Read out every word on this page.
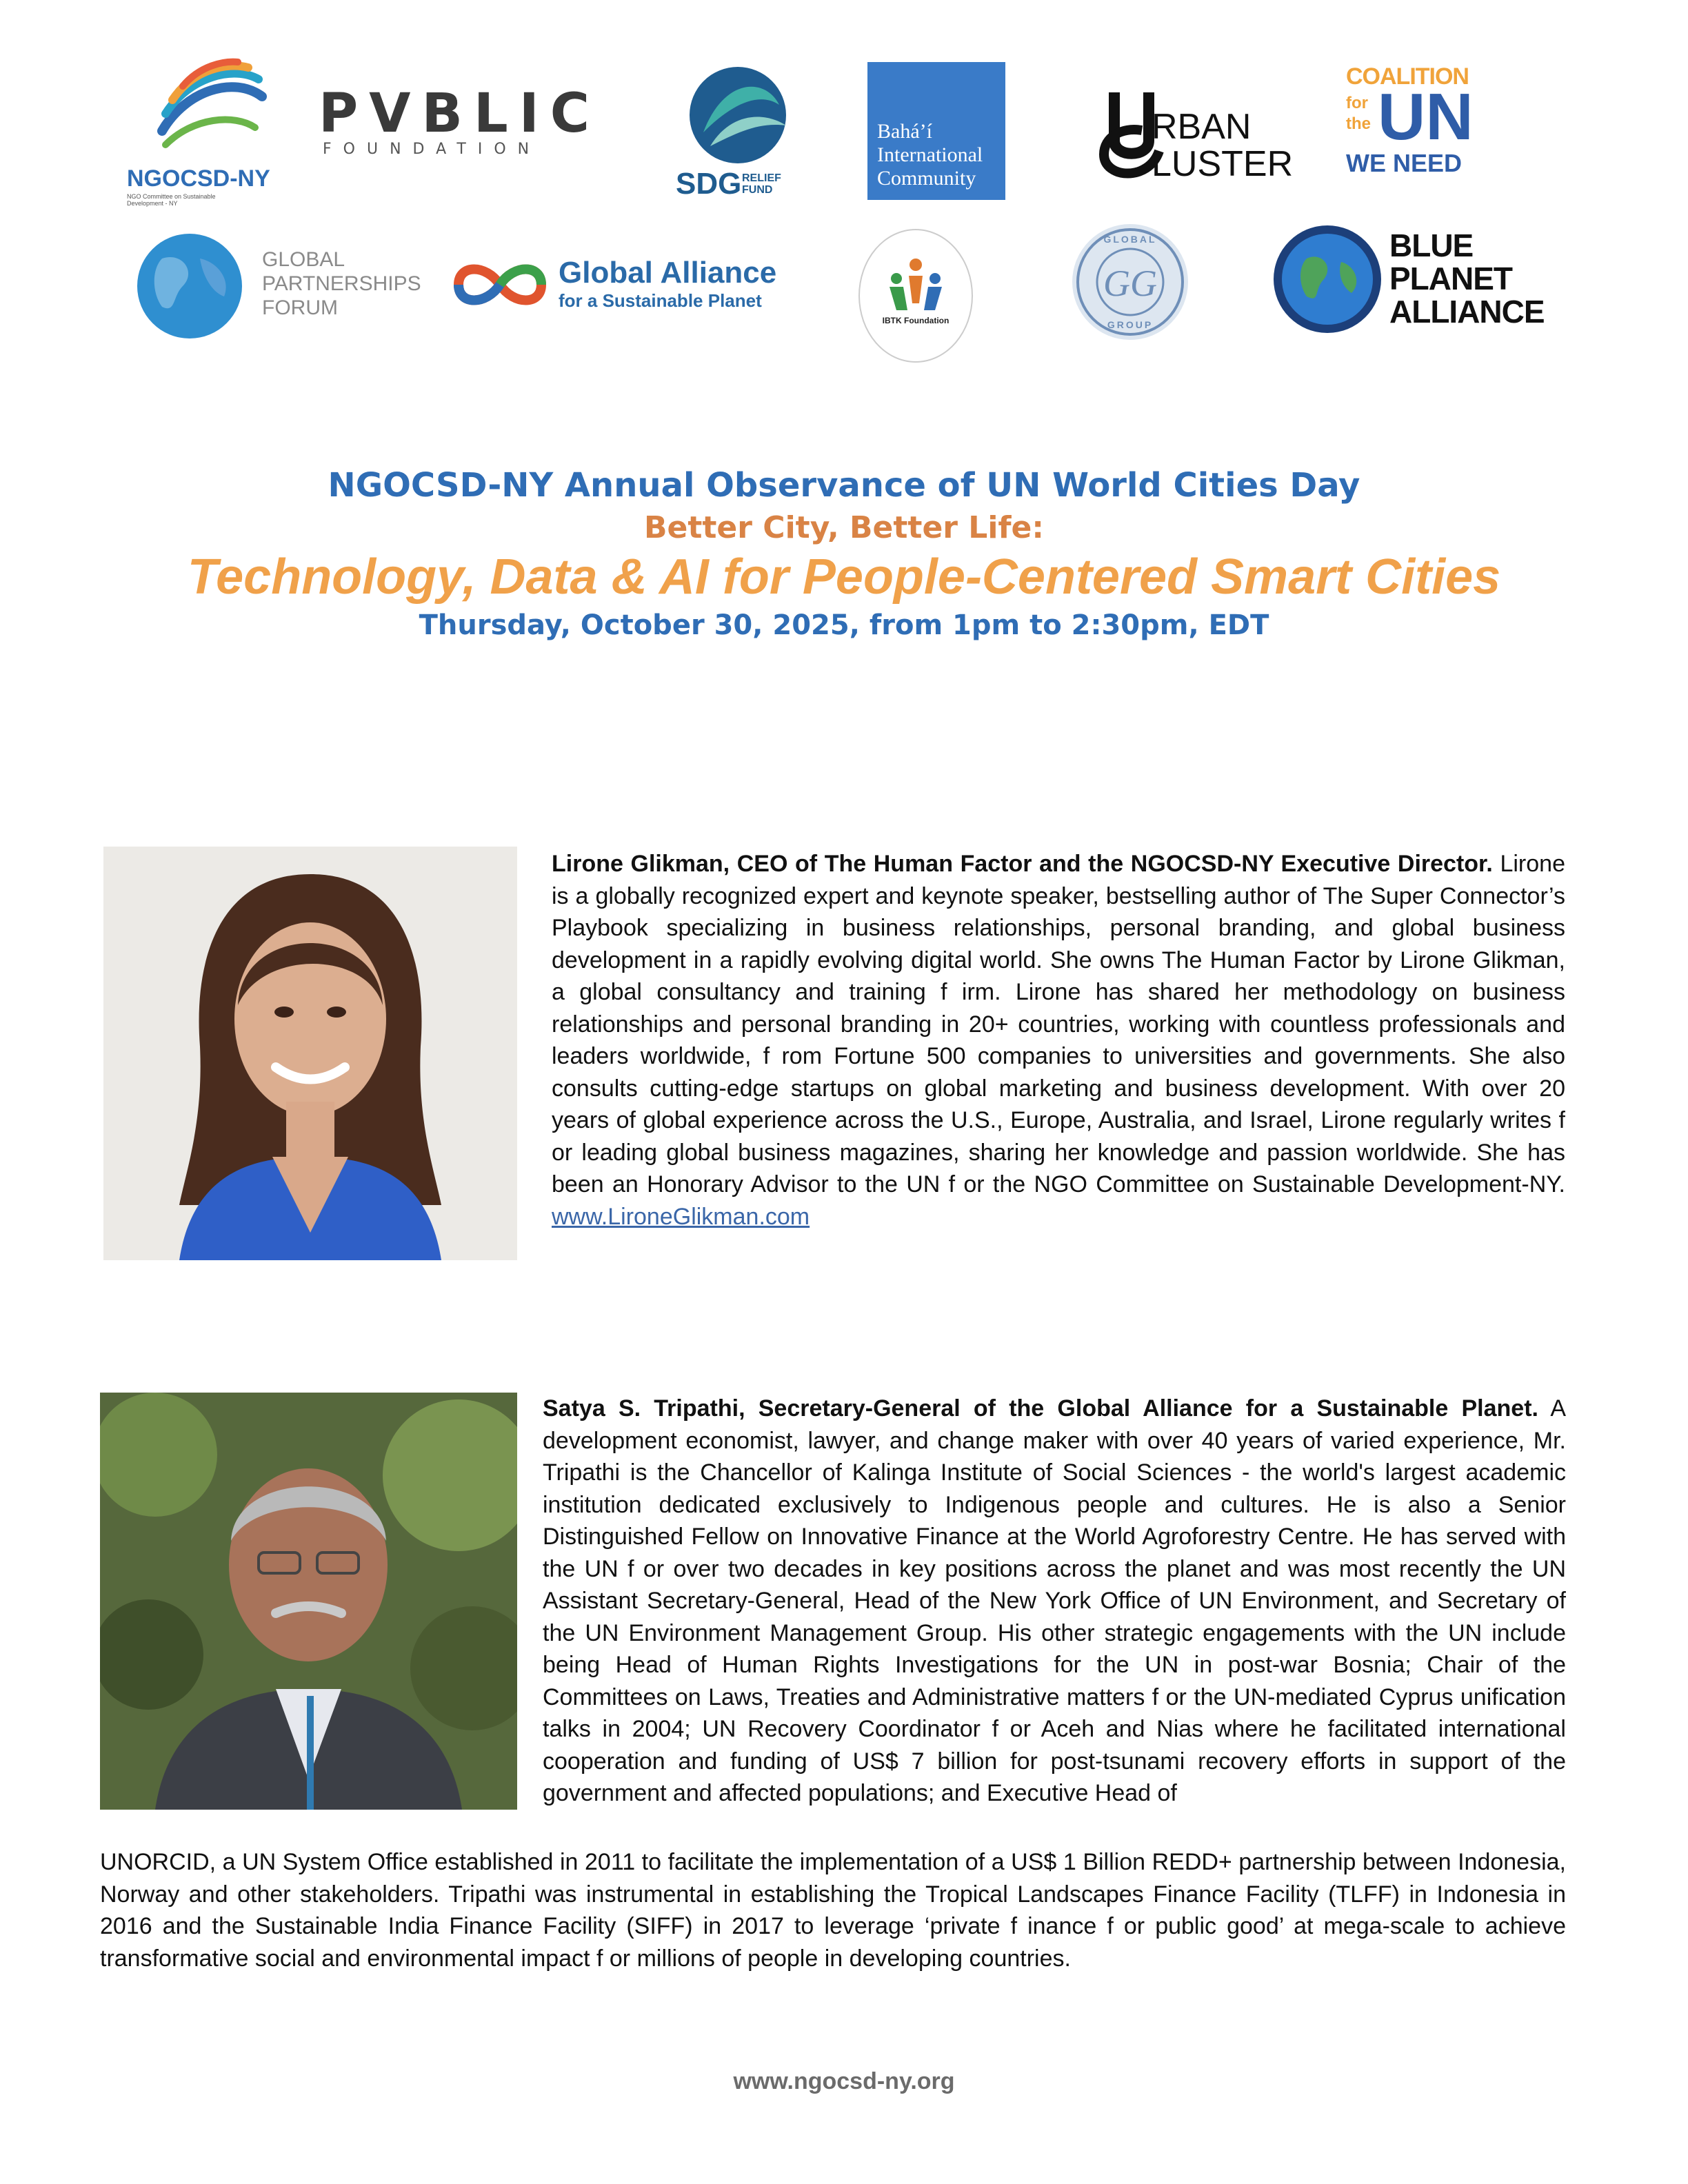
NGOCSD-NY
NGO Committee on Sustainable Development - NY
PVBLIC
FOUNDATION
SDG RELIEF FUND
Bahá’í
International
Community
RBAN
LUSTER
COALITION
for
the UN
WE NEED
GLOBAL
PARTNERSHIPS
FORUM
Global Alliance
for a Sustainable Planet
IBTK Foundation
GG
GLOBAL
GROUP
BLUE
PLANET
ALLIANCE
NGOCSD-NY Annual Observance of UN World Cities Day
Better City, Better Life:
Technology, Data & AI for People-Centered Smart Cities
Thursday, October 30, 2025, from 1pm to 2:30pm, EDT

Lirone Glikman, CEO of The Human Factor and the NGOCSD-NY Executive Director. Lirone is a globally recognized expert and keynote speaker, bestselling author of The Super Connector’s Playbook specializing in business relationships, personal branding, and global business development in a rapidly evolving digital world. She owns The Human Factor by Lirone Glikman, a global consultancy and training f irm. Lirone has shared her methodology on business relationships and personal branding in 20+ countries, working with countless professionals and leaders worldwide, f rom Fortune 500 companies to universities and governments. She also consults cutting-edge startups on global marketing and business development. With over 20 years of global experience across the U.S., Europe, Australia, and Israel, Lirone regularly writes f or leading global business magazines, sharing her knowledge and passion worldwide. She has been an Honorary Advisor to the UN f or the NGO Committee on Sustainable Development-NY. www.LironeGlikman.com

Satya S. Tripathi, Secretary-General of the Global Alliance for a Sustainable Planet. A development economist, lawyer, and change maker with over 40 years of varied experience, Mr. Tripathi is the Chancellor of Kalinga Institute of Social Sciences - the world's largest academic institution dedicated exclusively to Indigenous people and cultures. He is also a Senior Distinguished Fellow on Innovative Finance at the World Agroforestry Centre. He has served with the UN f or over two decades in key positions across the planet and was most recently the UN Assistant Secretary-General, Head of the New York Office of UN Environment, and Secretary of the UN Environment Management Group. His other strategic engagements with the UN include being Head of Human Rights Investigations for the UN in post-war Bosnia; Chair of the Committees on Laws, Treaties and Administrative matters f or the UN-mediated Cyprus unification talks in 2004; UN Recovery Coordinator f or Aceh and Nias where he facilitated international cooperation and funding of US$ 7 billion for post-tsunami recovery efforts in support of the government and affected populations; and Executive Head of

UNORCID, a UN System Office established in 2011 to facilitate the implementation of a US$ 1 Billion REDD+ partnership between Indonesia, Norway and other stakeholders. Tripathi was instrumental in establishing the Tropical Landscapes Finance Facility (TLFF) in Indonesia in 2016 and the Sustainable India Finance Facility (SIFF) in 2017 to leverage ‘private f inance f or public good’ at mega-scale to achieve transformative social and environmental impact f or millions of people in developing countries.

www.ngocsd-ny.org
